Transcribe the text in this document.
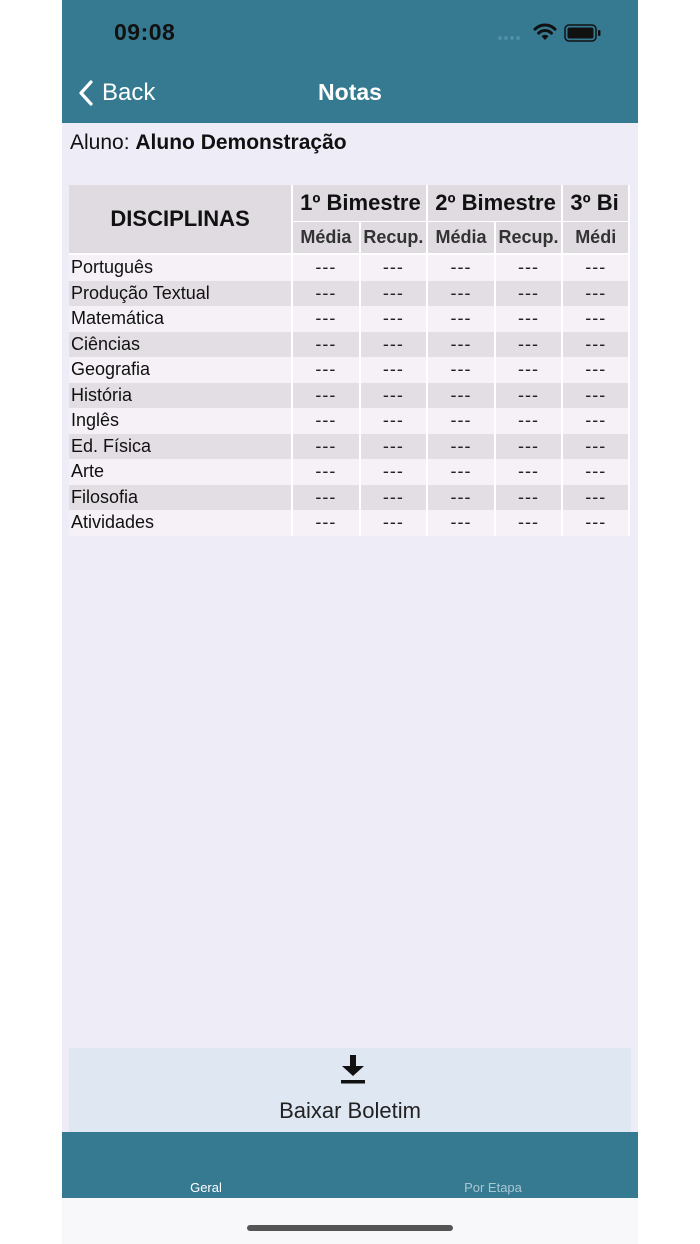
09:08
Back	Notas
Aluno: Aluno Demonstração
DISCIPLINAS	1º Bimestre		2º Bimestre		3º Bi
	Média	Recup.	Média	Recup.	Médi
Português	---	---	---	---	---
Produção Textual	---	---	---	---	---
Matemática	---	---	---	---	---
Ciências	---	---	---	---	---
Geografia	---	---	---	---	---
História	---	---	---	---	---
Inglês	---	---	---	---	---
Ed. Física	---	---	---	---	---
Arte	---	---	---	---	---
Filosofia	---	---	---	---	---
Atividades	---	---	---	---	---
Baixar Boletim
Geral	Por Etapa
